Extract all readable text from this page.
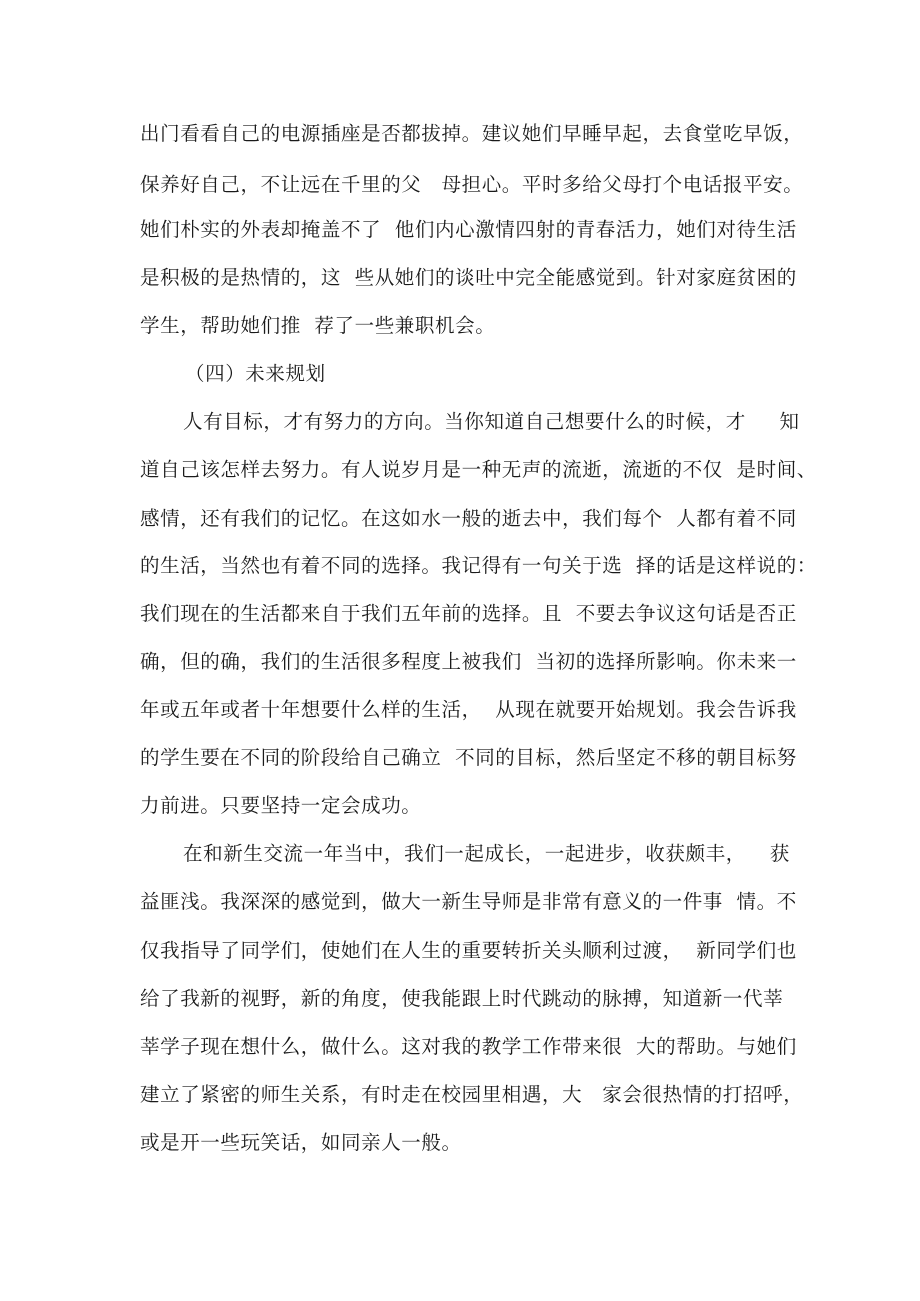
出门看看自己的电源插座是否都拔掉。建议她们早睡早起，去食堂吃早饭，
保养好自己，不让远在千里的父　母担心。平时多给父母打个电话报平安。
她们朴实的外表却掩盖不了  他们内心激情四射的青春活力，她们对待生活
是积极的是热情的，这  些从她们的谈吐中完全能感觉到。针对家庭贫困的
学生，帮助她们推  荐了一些兼职机会。
（四）未来规划
人有目标，才有努力的方向。当你知道自己想要什么的时候，才　  知
道自己该怎样去努力。有人说岁月是一种无声的流逝，流逝的不仅  是时间、
感情，还有我们的记忆。在这如水一般的逝去中，我们每个  人都有着不同
的生活，当然也有着不同的选择。我记得有一句关于选  择的话是这样说的：
我们现在的生活都来自于我们五年前的选择。且  不要去争议这句话是否正
确，但的确，我们的生活很多程度上被我们  当初的选择所影响。你未来一
年或五年或者十年想要什么样的生活，  从现在就要开始规划。我会告诉我
的学生要在不同的阶段给自己确立  不同的目标，然后坚定不移的朝目标努
力前进。只要坚持一定会成功。
在和新生交流一年当中，我们一起成长，一起进步，收获颇丰，　  获
益匪浅。我深深的感觉到，做大一新生导师是非常有意义的一件事  情。不
仅我指导了同学们，使她们在人生的重要转折关头顺利过渡，  新同学们也
给了我新的视野，新的角度，使我能跟上时代跳动的脉搏，知道新一代莘
莘学子现在想什么，做什么。这对我的教学工作带来很  大的帮助。与她们
建立了紧密的师生关系，有时走在校园里相遇，大　家会很热情的打招呼，
或是开一些玩笑话，如同亲人一般。
